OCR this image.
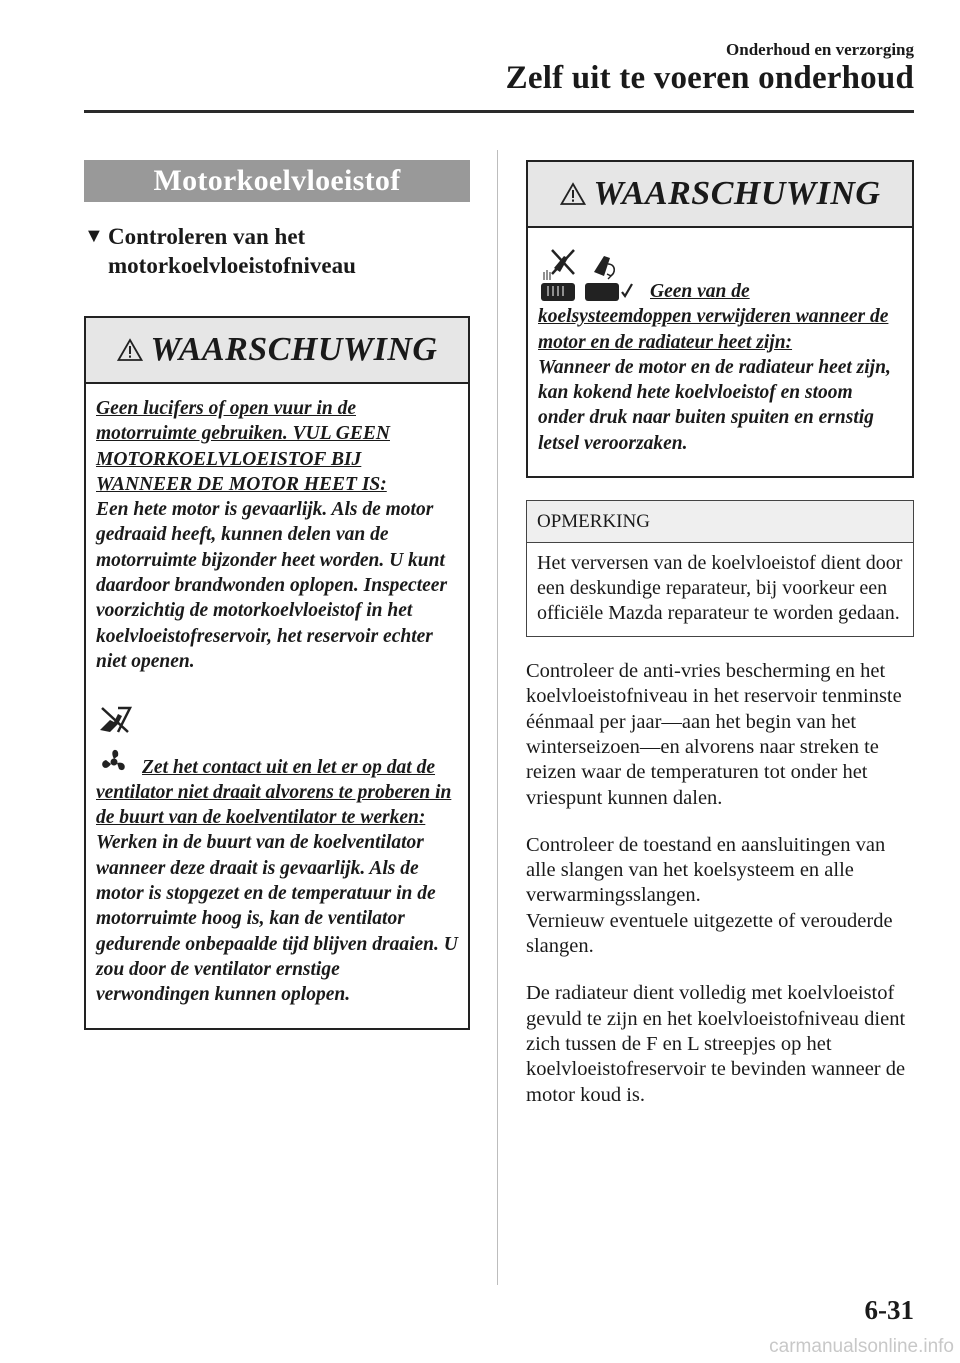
Onderhoud en verzorging
Zelf uit te voeren onderhoud
Motorkoelvloeistof
▼ Controleren van het
motorkoelvloeistofniveau
WAARSCHUWING
Geen lucifers of open vuur in de motorruimte gebruiken. VUL GEEN MOTORKOELVLOEISTOF BIJ WANNEER DE MOTOR HEET IS:
Een hete motor is gevaarlijk. Als de motor gedraaid heeft, kunnen delen van de motorruimte bijzonder heet worden. U kunt daardoor brandwonden oplopen. Inspecteer voorzichtig de motorkoelvloeistof in het koelvloeistofreservoir, het reservoir echter niet openen.
Zet het contact uit en let er op dat de ventilator niet draait alvorens te proberen in de buurt van de koelventilator te werken:
Werken in de buurt van de koelventilator wanneer deze draait is gevaarlijk. Als de motor is stopgezet en de temperatuur in de motorruimte hoog is, kan de ventilator gedurende onbepaalde tijd blijven draaien. U zou door de ventilator ernstige verwondingen kunnen oplopen.
WAARSCHUWING
Geen van de koelsysteemdoppen verwijderen wanneer de motor en de radiateur heet zijn:
Wanneer de motor en de radiateur heet zijn, kan kokend hete koelvloeistof en stoom onder druk naar buiten spuiten en ernstig letsel veroorzaken.
OPMERKING
Het verversen van de koelvloeistof dient door een deskundige reparateur, bij voorkeur een officiële Mazda reparateur te worden gedaan.
Controleer de anti-vries bescherming en het koelvloeistofniveau in het reservoir tenminste éénmaal per jaar―aan het begin van het winterseizoen―en alvorens naar streken te reizen waar de temperaturen tot onder het vriespunt kunnen dalen.
Controleer de toestand en aansluitingen van alle slangen van het koelsysteem en alle verwarmingsslangen.
Vernieuw eventuele uitgezette of verouderde slangen.
De radiateur dient volledig met koelvloeistof gevuld te zijn en het koelvloeistofniveau dient zich tussen de F en L streepjes op het koelvloeistofreservoir te bevinden wanneer de motor koud is.
6-31
carmanualsonline.info
